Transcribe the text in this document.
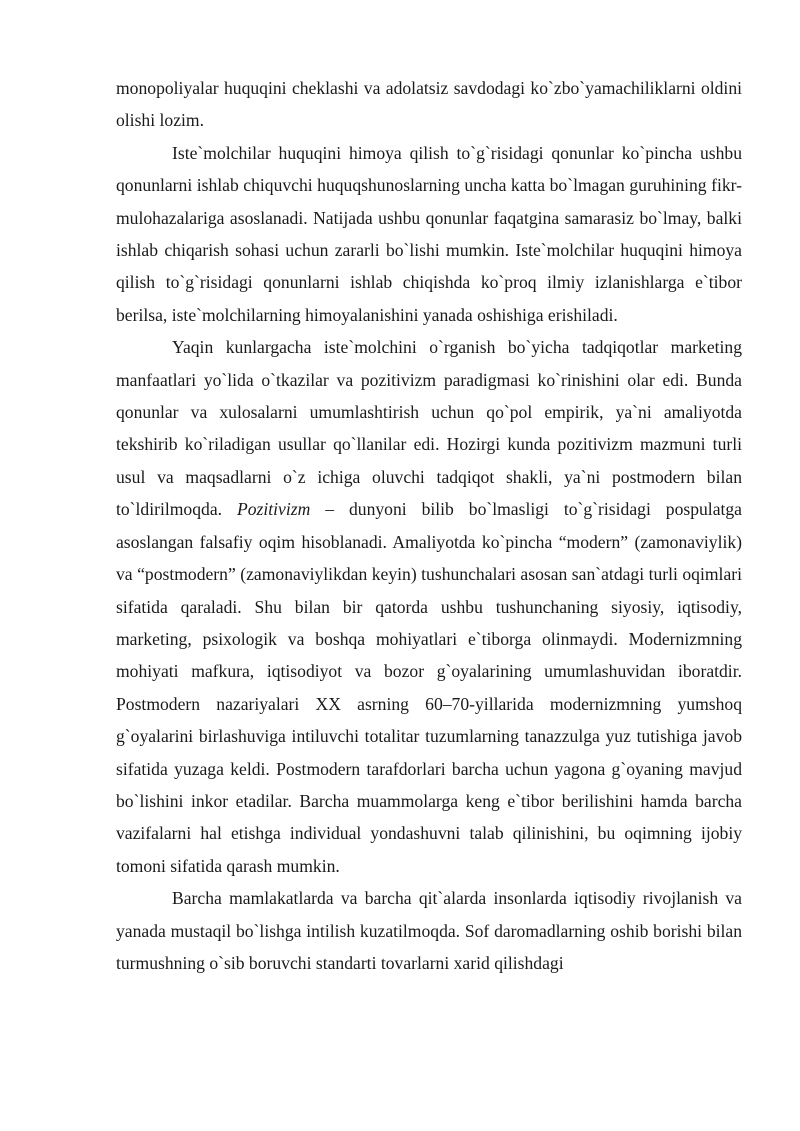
monopoliyalar huquqini cheklashi va adolatsiz savdodagi ko`zbo`yamachiliklarni oldini olishi lozim.

Iste`molchilar huquqini himoya qilish to`g`risidagi qonunlar ko`pincha ushbu qonunlarni ishlab chiquvchi huquqshunoslarning uncha katta bo`lmagan guruhining fikr-mulohazalariga asoslanadi. Natijada ushbu qonunlar faqatgina samarasiz bo`lmay, balki ishlab chiqarish sohasi uchun zararli bo`lishi mumkin. Iste`molchilar huquqini himoya qilish to`g`risidagi qonunlarni ishlab chiqishda ko`proq ilmiy izlanishlarga e`tibor berilsa, iste`molchilarning himoyalanishini yanada oshishiga erishiladi.

Yaqin kunlargacha iste`molchini o`rganish bo`yicha tadqiqotlar marketing manfaatlari yo`lida o`tkazilar va pozitivizm paradigmasi ko`rinishini olar edi. Bunda qonunlar va xulosalarni umumlashtirish uchun qo`pol empirik, ya`ni amaliyotda tekshirib ko`riladigan usullar qo`llanilar edi. Hozirgi kunda pozitivizm mazmuni turli usul va maqsadlarni o`z ichiga oluvchi tadqiqot shakli, ya`ni postmodern bilan to`ldirilmoqda. Pozitivizm – dunyoni bilib bo`lmasligi to`g`risidagi pospulatga asoslangan falsafiy oqim hisoblanadi. Amaliyotda ko`pincha “modern” (zamonaviylik) va “postmodern” (zamonaviylikdan keyin) tushunchalari asosan san`atdagi turli oqimlari sifatida qaraladi. Shu bilan bir qatorda ushbu tushunchaning siyosiy, iqtisodiy, marketing, psixologik va boshqa mohiyatlari e`tiborga olinmaydi. Modernizmning mohiyati mafkura, iqtisodiyot va bozor g`oyalarining umumlashuvidan iboratdir. Postmodern nazariyalari XX asrning 60–70-yillarida modernizmning yumshoq g`oyalarini birlashuviga intiluvchi totalitar tuzumlarning tanazzulga yuz tutishiga javob sifatida yuzaga keldi. Postmodern tarafdorlari barcha uchun yagona g`oyaning mavjud bo`lishini inkor etadilar. Barcha muammolarga keng e`tibor berilishini hamda barcha vazifalarni hal etishga individual yondashuvni talab qilinishini, bu oqimning ijobiy tomoni sifatida qarash mumkin.

Barcha mamlakatlarda va barcha qit`alarda insonlarda iqtisodiy rivojlanish va yanada mustaqil bo`lishga intilish kuzatilmoqda. Sof daromadlarning oshib borishi bilan turmushning o`sib boruvchi standarti tovarlarni xarid qilishdagi
